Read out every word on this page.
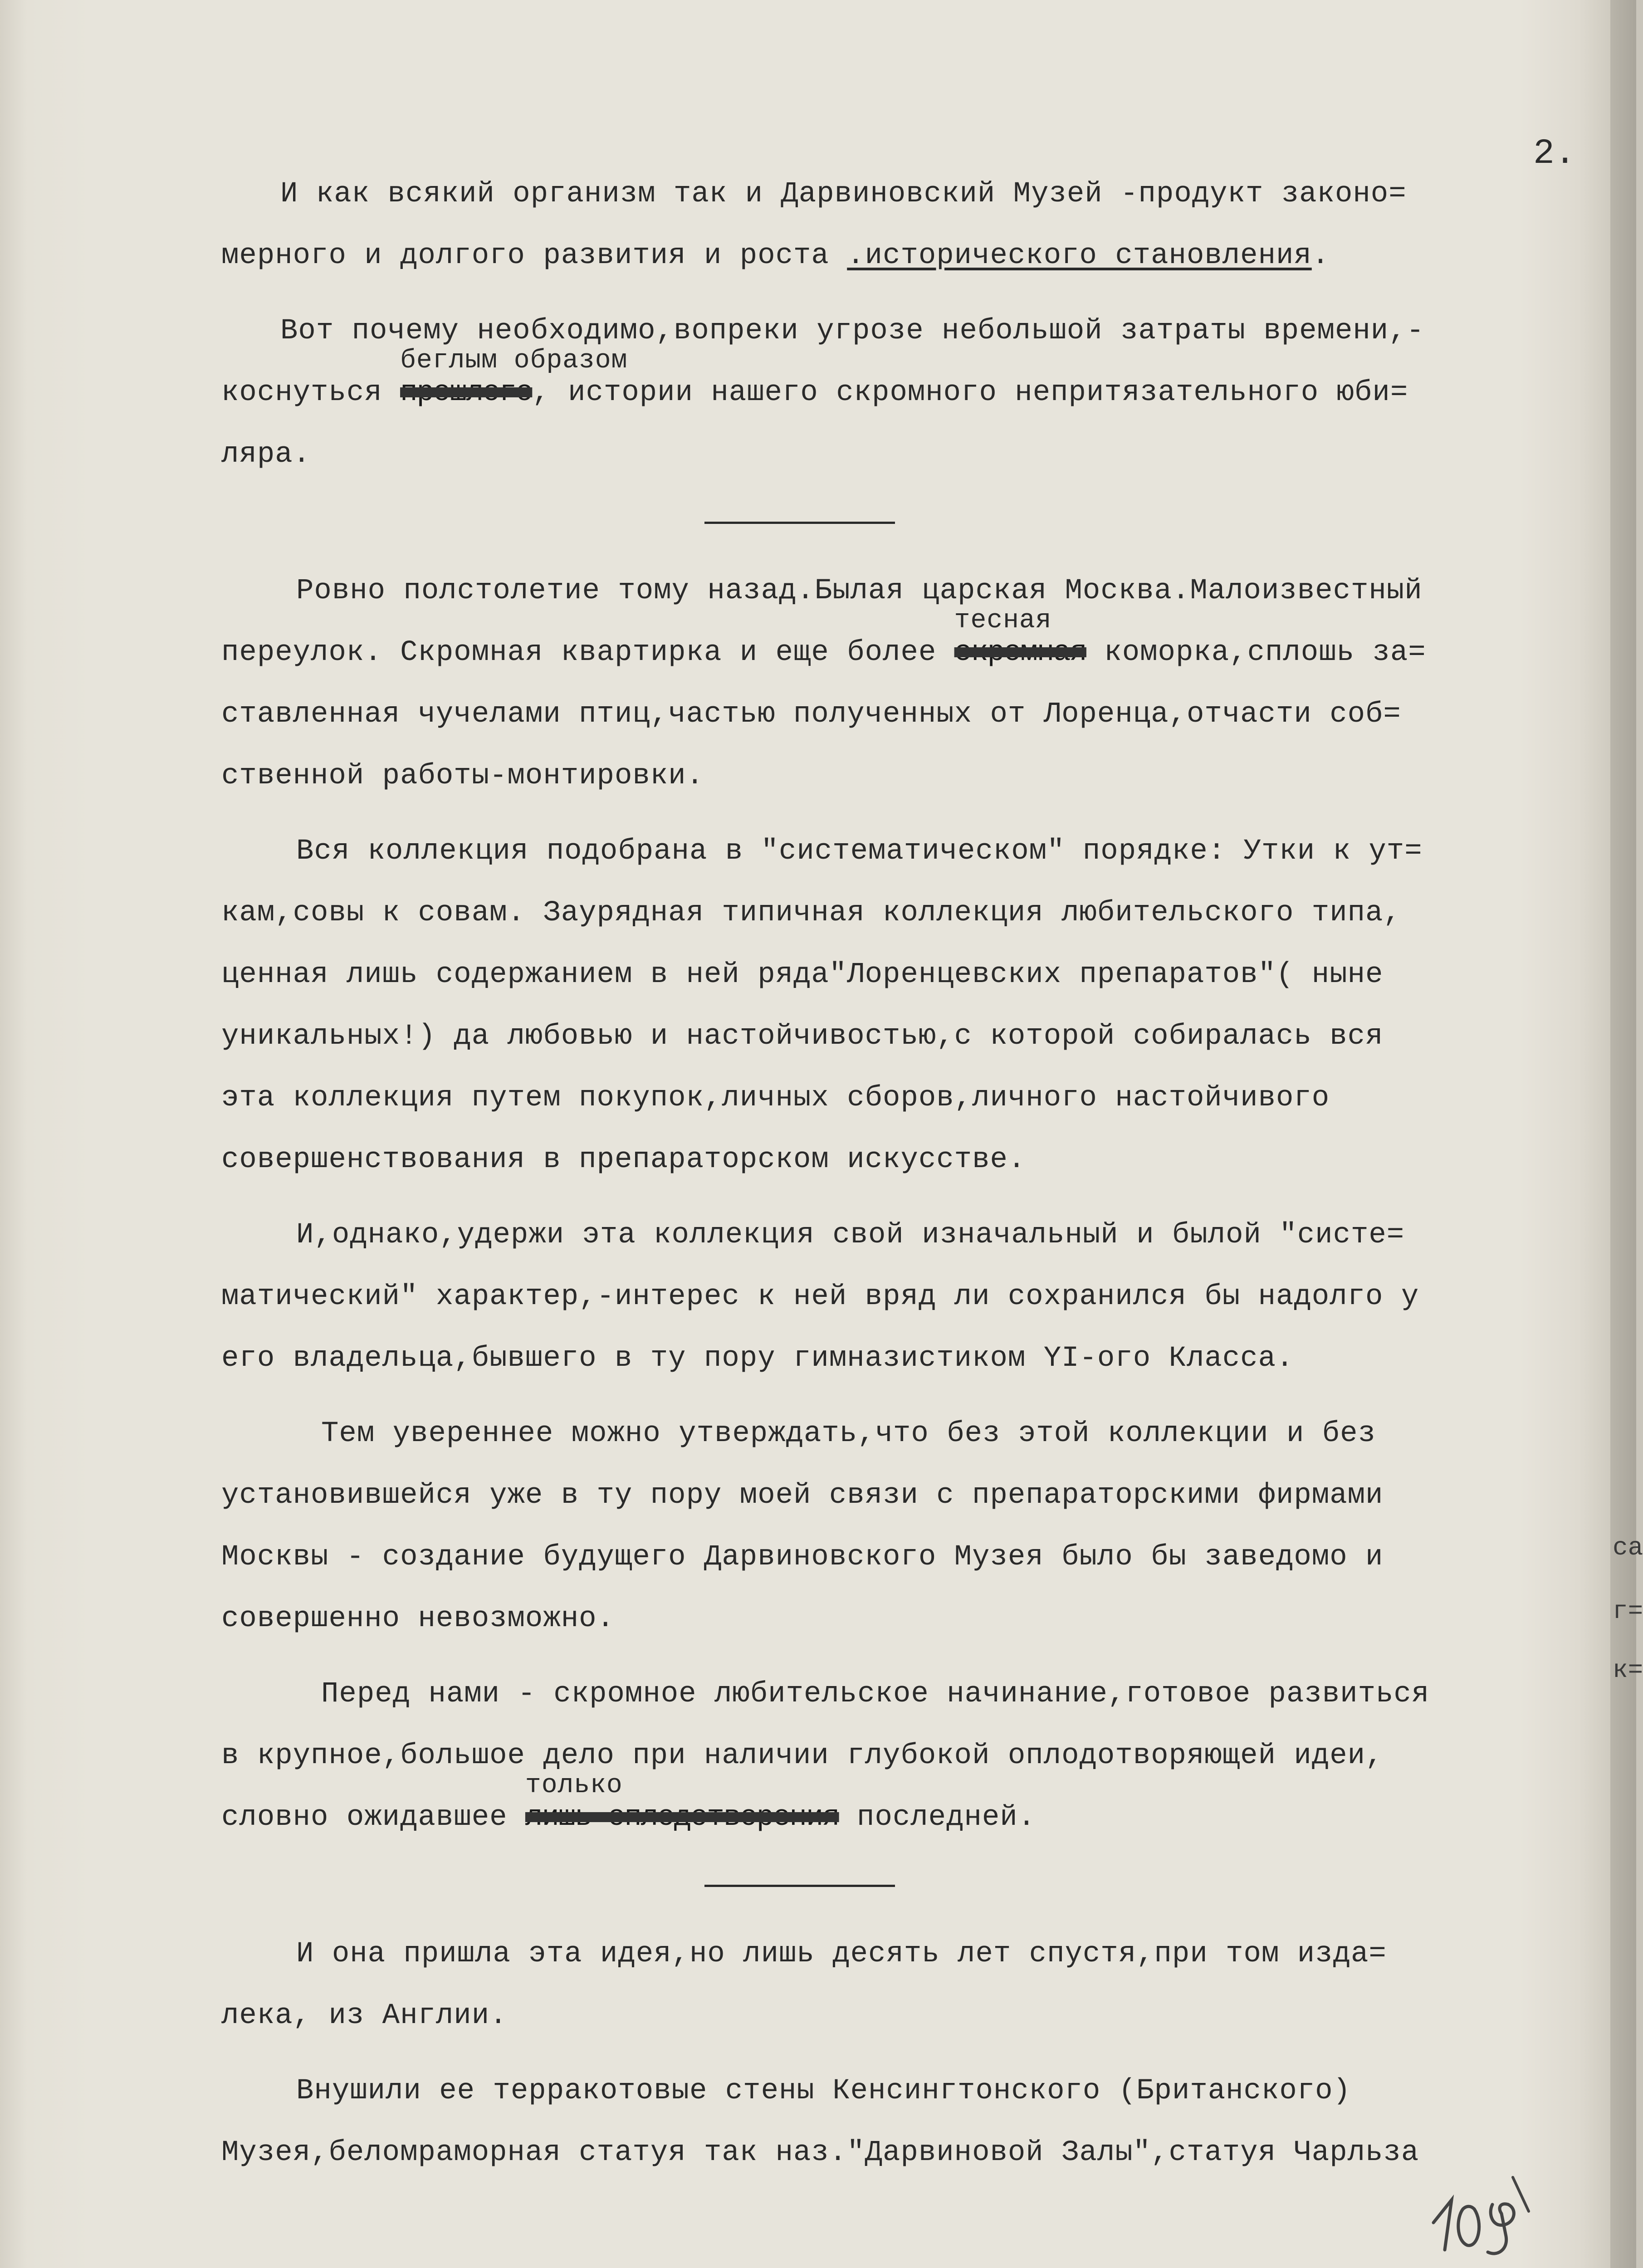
2.

И как всякий организм так и Дарвиновский Музей -продукт законо=

мерного и долгого развития и роста .исторического становления.

Вот почему необходимо,вопреки угрозе небольшой затраты времени,-

коснуться
беглым образом
прошлого, истории нашего скромного непритязательного юби=

ляра.

Ровно полстолетие тому назад.Былая царская Москва.Малоизвестный

переулок. Скромная квартирка и еще более
тесная
скромная коморка,сплошь за=

ставленная чучелами птиц,частью полученных от Лоренца,отчасти соб=

ственной работы-монтировки.

Вся коллекция подобрана в "систематическом" порядке: Утки к ут=

кам,совы к совам. Заурядная типичная коллекция любительского типа,

ценная лишь содержанием в ней ряда"Лоренцевских препаратов"( ныне

уникальных!) да любовью и настойчивостью,с которой собиралась вся

эта коллекция путем покупок,личных сборов,личного настойчивого

совершенствования в препараторском искусстве.

И,однако,удержи эта коллекция свой изначальный и былой "систе=

матический" характер,-интерес к ней вряд ли сохранился бы надолго у

его владельца,бывшего в ту пору гимназистиком YI-ого Класса.

Тем увереннее можно утверждать,что без этой коллекции и без

установившейся уже в ту пору моей связи с препараторскими фирмами

Москвы - создание будущего Дарвиновского Музея было бы заведомо и

совершенно невозможно.

Перед нами - скромное любительское начинание,готовое развиться

в крупное,большое дело при наличии глубокой оплодотворяющей идеи,

словно ожидавшее
только
лишь оплодотворения последней.

И она пришла эта идея,но лишь десять лет спустя,при том изда=

лека, из Англии.

Внушили ее терракотовые стены Кенсингтонского (Британского)

Музея,беломраморная статуя так наз."Дарвиновой Залы",статуя Чарльза

са
г=
к=
